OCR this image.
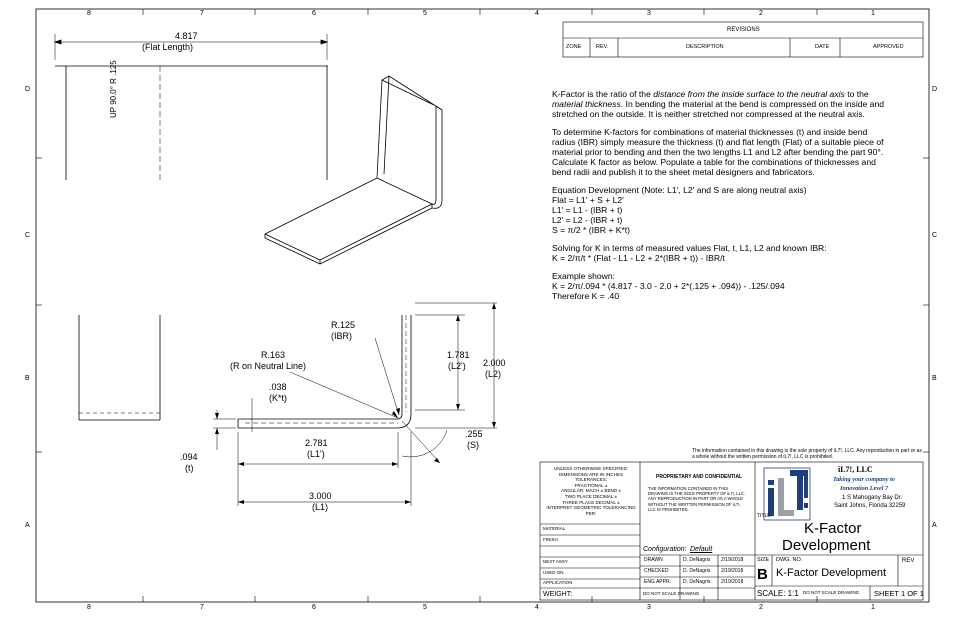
8	7	6	5	4	3	2	1
8	7	6	5	4	3	2	1
D
C
B
A
D
C
B
A
REVISIONS
ZONE	REV.	DESCRIPTION	DATE	APPROVED
4.817
(Flat Length)
UP 90.0° R .125
R.125
(IBR)
R.163
(R on Neutral Line)
.038
(K*t)
.094
(t)
2.781
(L1')
3.000
(L1)
1.781
(L2') 2.000
(L2)
.255
(S)

K-Factor is the ratio of the distance from the inside surface to the neutral axis to the material thickness. In bending the material at the bend is compressed on the inside and stretched on the outside. It is neither stretched nor compressed at the neutral axis.

To determine K-factors for combinations of material thicknesses (t) and inside bend radius (IBR) simply measure the thickness (t) and flat length (Flat) of a suitable piece of material prior to bending and then the two lengths L1 and L2 after bending the part 90°. Calculate K factor as below. Populate a table for the combinations of thicknesses and bend radii and publish it to the sheet metal designers and fabricators.

Equation Development (Note: L1', L2' and S are along neutral axis)
Flat = L1' + S + L2'
L1' = L1 - (IBR + t)
L2' = L2 - (IBR + t)
S = π/2 * (IBR + K*t)
Solving for K in terms of measured values Flat, t, L1, L2 and known IBR:
K = 2/π/t * (Flat - L1 - L2 + 2*(IBR + t)) - IBR/t
Example shown:
K = 2/π/.094 * (4.817 - 3.0 - 2.0 + 2*(.125 + .094)) - .125/.094
Therefore K = .40
The information contained in this drawing is the sole property of iL7!, LLC. Any reproduction in part or as a whole without the written permission of iL7!, LLC is prohibited.
UNLESS OTHERWISE SPECIFIED:
DIMENSIONS ARE IN INCHES
TOLERANCES:
FRACTIONAL ±
ANGULAR: MACH ± BEND ±
TWO PLACE DECIMAL ±
THREE PLACE DECIMAL ±
INTERPRET GEOMETRIC TOLERANCING PER:
MATERIAL
FINISH
NEXT ASSY
USED ON
APPLICATION
WEIGHT:
PROPRIETARY AND CONFIDENTIAL
THE INFORMATION CONTAINED IN THIS DRAWING IS THE SOLE PROPERTY OF iL7!, LLC. ANY REPRODUCTION IN PART OR AS A WHOLE WITHOUT THE WRITTEN PERMISSION OF iL7!, LLC IS PROHIBITED.
Configuration: Default
DRAWN	D. DeNagris 2/19/2018
CHECKED	D. DeNagris 2/19/2018
ENG APPR. D. DeNagris 2/19/2018
DO NOT SCALE DRAWING
iL7!, LLC
Taking your company to
Innovation Level 7
1 S Mahogany Bay Dr.
Saint Johns, Florida 32259
TITLE:
K-Factor
Development
SIZE
B
DWG. NO.
K-Factor Development
REV
SCALE: 1:1 DO NOT SCALE DRAWING SHEET 1 OF 1
